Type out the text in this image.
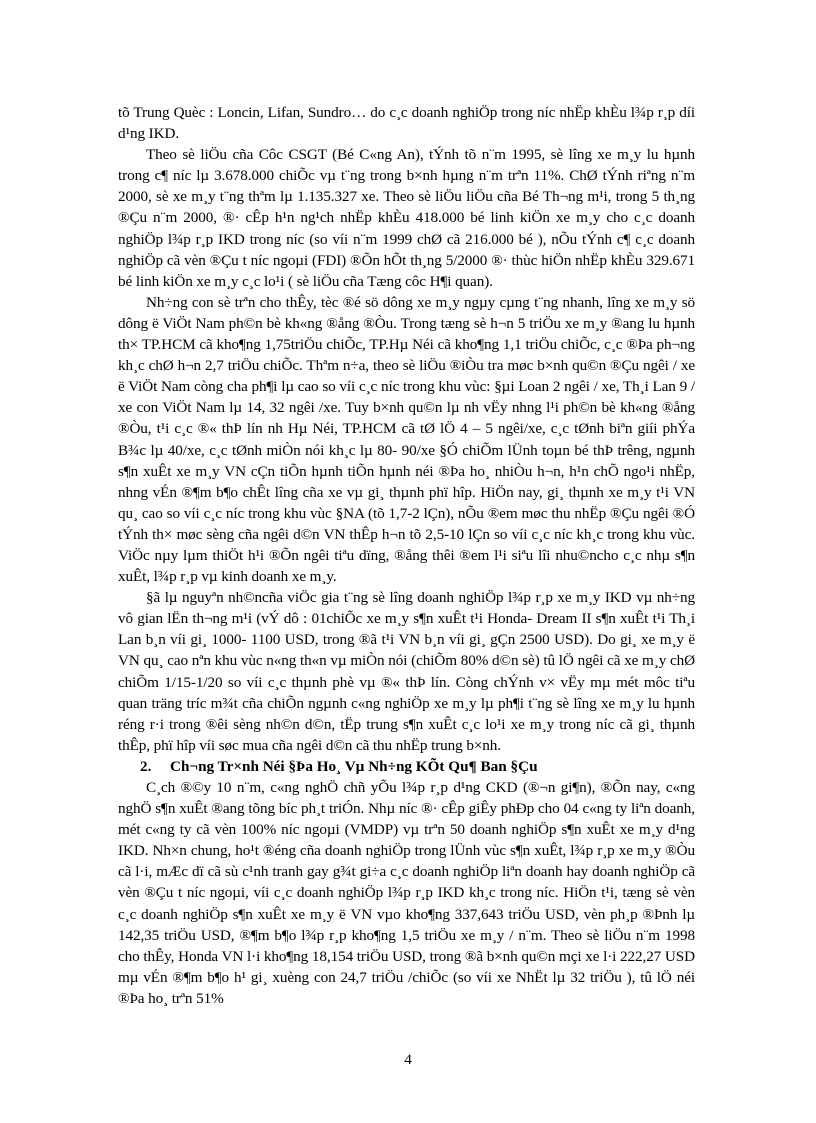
tõ Trung Quèc : Loncin, Lifan, Sundro… do c¸c doanh nghiÖp trong níc nhËp khÈu l¾p r¸p díi d¹ng IKD.

Theo sè liÖu cña Côc CSGT (Bé C«ng An), tÝnh tõ n¨m 1995, sè lîng xe m¸y lu hµnh trong c¶ níc lµ 3.678.000 chiÕc vµ t¨ng trong b×nh hµng n¨m trªn 11%. ChØ tÝnh riªng n¨m 2000, sè xe m¸y t¨ng thªm lµ 1.135.327 xe. Theo sè liÖu liÖu cña Bé Th¬ng m¹i, trong 5 th¸ng ®Çu n¨m 2000, ®· cÊp h¹n ng¹ch nhËp khÈu 418.000 bé linh kiÖn xe m¸y cho c¸c doanh nghiÖp l¾p r¸p IKD trong níc (so víi n¨m 1999 chØ cã 216.000 bé ), nÕu tÝnh c¶ c¸c doanh nghiÖp cã vèn ®Çu t níc ngoµi (FDI) ®Õn hÕt th¸ng 5/2000 ®· thùc hiÖn nhËp khÈu 329.671 bé linh kiÖn xe m¸y c¸c lo¹i ( sè liÖu cña Tæng côc H¶i quan).

Nh÷ng con sè trªn cho thÊy, tèc ®é sö dông xe m¸y ngµy cµng t¨ng nhanh, lîng xe m¸y sö dông ë ViÖt Nam ph©n bè kh«ng ®ång ®Òu. Trong tæng sè h¬n 5 triÖu xe m¸y ®ang lu hµnh th× TP.HCM cã kho¶ng 1,75triÖu chiÕc, TP.Hµ Néi cã kho¶ng 1,1 triÖu chiÕc, c¸c ®Þa ph¬ng kh¸c chØ h¬n 2,7 triÖu chiÕc. Thªm n÷a, theo sè liÖu ®iÒu tra møc b×nh qu©n ®Çu ngêi / xe ë ViÖt Nam còng cha ph¶i lµ cao so víi c¸c níc trong khu vùc: §µi Loan 2 ngêi / xe, Th¸i Lan 9 / xe con ViÖt Nam lµ 14, 32 ngêi /xe. Tuy b×nh qu©n lµ nh vËy nhng l¹i ph©n bè kh«ng ®ång ®Òu, t¹i c¸c ®« thÞ lín nh Hµ Néi, TP.HCM cã tØ lÖ 4 – 5 ngêi/xe, c¸c tØnh biªn giíi phÝa B¾c lµ 40/xe, c¸c tØnh miÒn nói kh¸c lµ 80- 90/xe §Ó chiÕm lÜnh toµn bé thÞ trêng, ngµnh s¶n xuÊt xe m¸y VN cÇn tiÕn hµnh tiÕn hµnh néi ®Þa ho¸ nhiÒu h¬n, h¹n chÕ ngo¹i nhËp, nhng vÉn ®¶m b¶o chÊt lîng cña xe vµ gi¸ thµnh phï hîp. HiÖn nay, gi¸ thµnh xe m¸y t¹i VN qu¸ cao so víi c¸c níc trong khu vùc §NA (tõ 1,7-2 lÇn), nÕu ®em møc thu nhËp ®Çu ngêi ®Ó tÝnh th× møc sèng cña ngêi d©n VN thÊp h¬n tõ 2,5-10 lÇn so víi c¸c níc kh¸c trong khu vùc. ViÖc nµy lµm thiÖt h¹i ®Õn ngêi tiªu dïng, ®ång thêi ®em l¹i siªu lîi nhu©ncho c¸c nhµ s¶n xuÊt, l¾p r¸p vµ kinh doanh xe m¸y.

§ã lµ nguyªn nh©ncña viÖc gia t¨ng sè lîng doanh nghiÖp l¾p r¸p xe m¸y IKD vµ nh÷ng vô gian lËn th¬ng m¹i (vÝ dô : 01chiÕc xe m¸y s¶n xuÊt t¹i Honda- Dream II s¶n xuÊt t¹i Th¸i Lan b¸n víi gi¸ 1000- 1100 USD, trong ®ã t¹i VN b¸n víi gi¸ gÇn 2500 USD). Do gi¸ xe m¸y ë VN qu¸ cao nªn khu vùc n«ng th«n vµ miÒn nói (chiÕm 80% d©n sè) tû lÖ ngêi cã xe m¸y chØ chiÕm 1/15-1/20 so víi c¸c thµnh phè vµ ®« thÞ lín. Còng chÝnh v× vËy mµ mét môc tiªu quan träng tríc m¾t cña chiÕn ngµnh c«ng nghiÖp xe m¸y lµ ph¶i t¨ng sè lîng xe m¸y lu hµnh réng r·i trong ®êi sèng nh©n d©n, tËp trung s¶n xuÊt c¸c lo¹i xe m¸y trong níc cã gi¸ thµnh thÊp, phï hîp víi søc mua cña ngêi d©n cã thu nhËp trung b×nh.

2. Ch¬ng Tr×nh Néi §Þa Ho¸ Vµ Nh÷ng KÕt Qu¶ Ban §Çu

C¸ch ®©y 10 n¨m, c«ng nghÖ chñ yÕu l¾p r¸p d¹ng CKD (®¬n gi¶n), ®Õn nay, c«ng nghÖ s¶n xuÊt ®ang tõng bíc ph¸t triÓn. Nhµ níc ®· cÊp giÊy phÐp cho 04 c«ng ty liªn doanh, mét c«ng ty cã vèn 100% níc ngoµi (VMDP) vµ trªn 50 doanh nghiÖp s¶n xuÊt xe m¸y d¹ng IKD. Nh×n chung, ho¹t ®éng cña doanh nghiÖp trong lÜnh vùc s¶n xuÊt, l¾p r¸p xe m¸y ®Òu cã l·i, mÆc dï cã sù c¹nh tranh gay g¾t gi÷a c¸c doanh nghiÖp liªn doanh hay doanh nghiÖp cã vèn ®Çu t níc ngoµi, víi c¸c doanh nghiÖp l¾p r¸p IKD kh¸c trong níc. HiÖn t¹i, tæng sè vèn c¸c doanh nghiÖp s¶n xuÊt xe m¸y ë VN vµo kho¶ng 337,643 triÖu USD, vèn ph¸p ®Þnh lµ 142,35 triÖu USD, ®¶m b¶o l¾p r¸p kho¶ng 1,5 triÖu xe m¸y / n¨m. Theo sè liÖu n¨m 1998 cho thÊy, Honda VN l·i kho¶ng 18,154 triÖu USD, trong ®ã b×nh qu©n mçi xe l·i 222,27 USD mµ vÉn ®¶m b¶o h¹ gi¸ xuèng con 24,7 triÖu /chiÕc (so víi xe NhËt lµ 32 triÖu ), tû lÖ néi ®Þa ho¸ trªn 51%

4
